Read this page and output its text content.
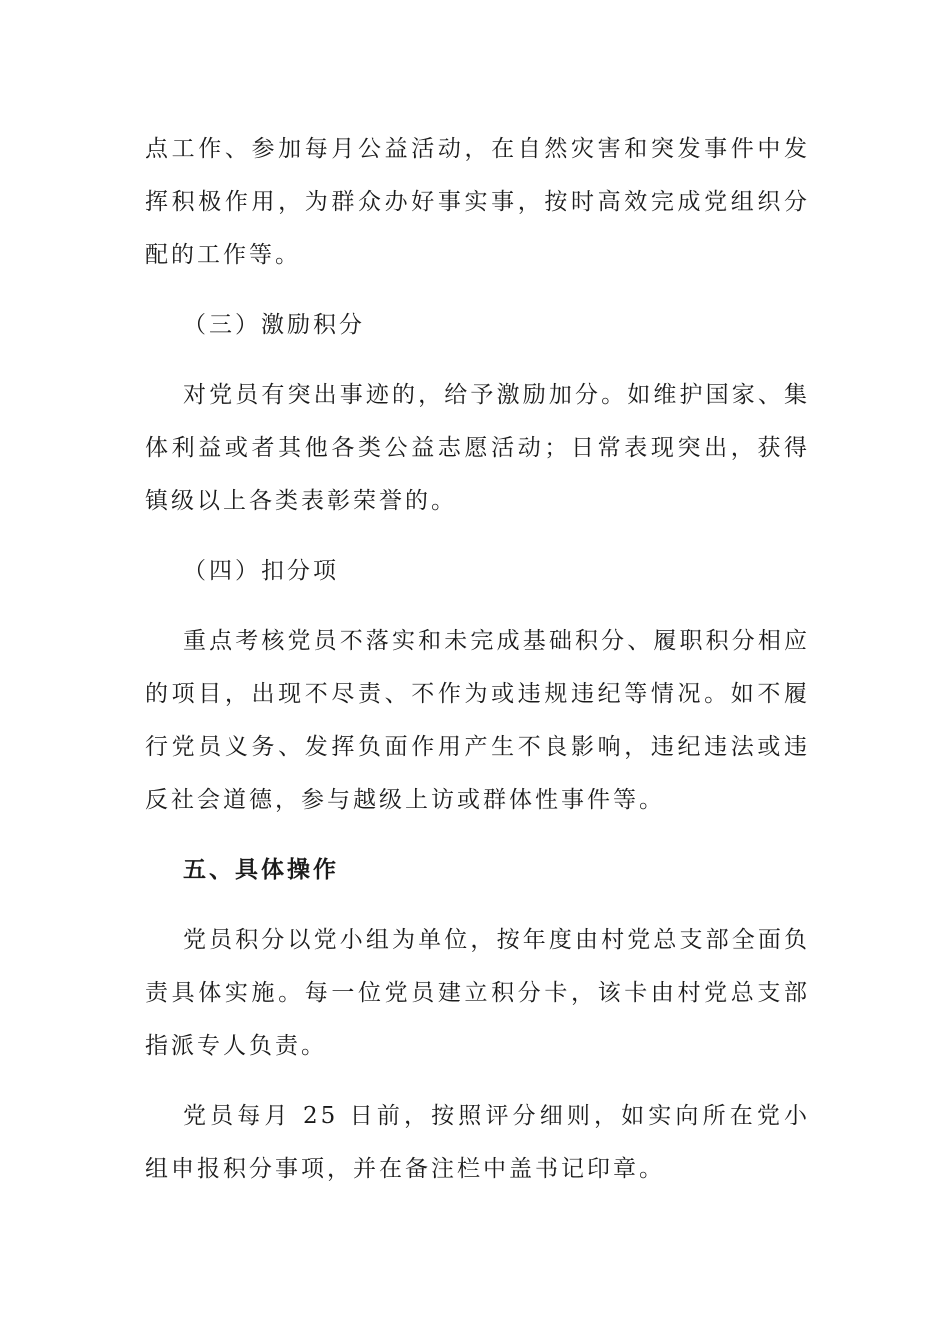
点工作、参加每月公益活动，在自然灾害和突发事件中发挥积极作用，为群众办好事实事，按时高效完成党组织分配的工作等。

（三）激励积分

对党员有突出事迹的，给予激励加分。如维护国家、集体利益或者其他各类公益志愿活动；日常表现突出，获得镇级以上各类表彰荣誉的。

（四）扣分项

重点考核党员不落实和未完成基础积分、履职积分相应的项目，出现不尽责、不作为或违规违纪等情况。如不履行党员义务、发挥负面作用产生不良影响，违纪违法或违反社会道德，参与越级上访或群体性事件等。

五、具体操作

党员积分以党小组为单位，按年度由村党总支部全面负责具体实施。每一位党员建立积分卡，该卡由村党总支部指派专人负责。

党员每月 25 日前，按照评分细则，如实向所在党小组申报积分事项，并在备注栏中盖书记印章。
